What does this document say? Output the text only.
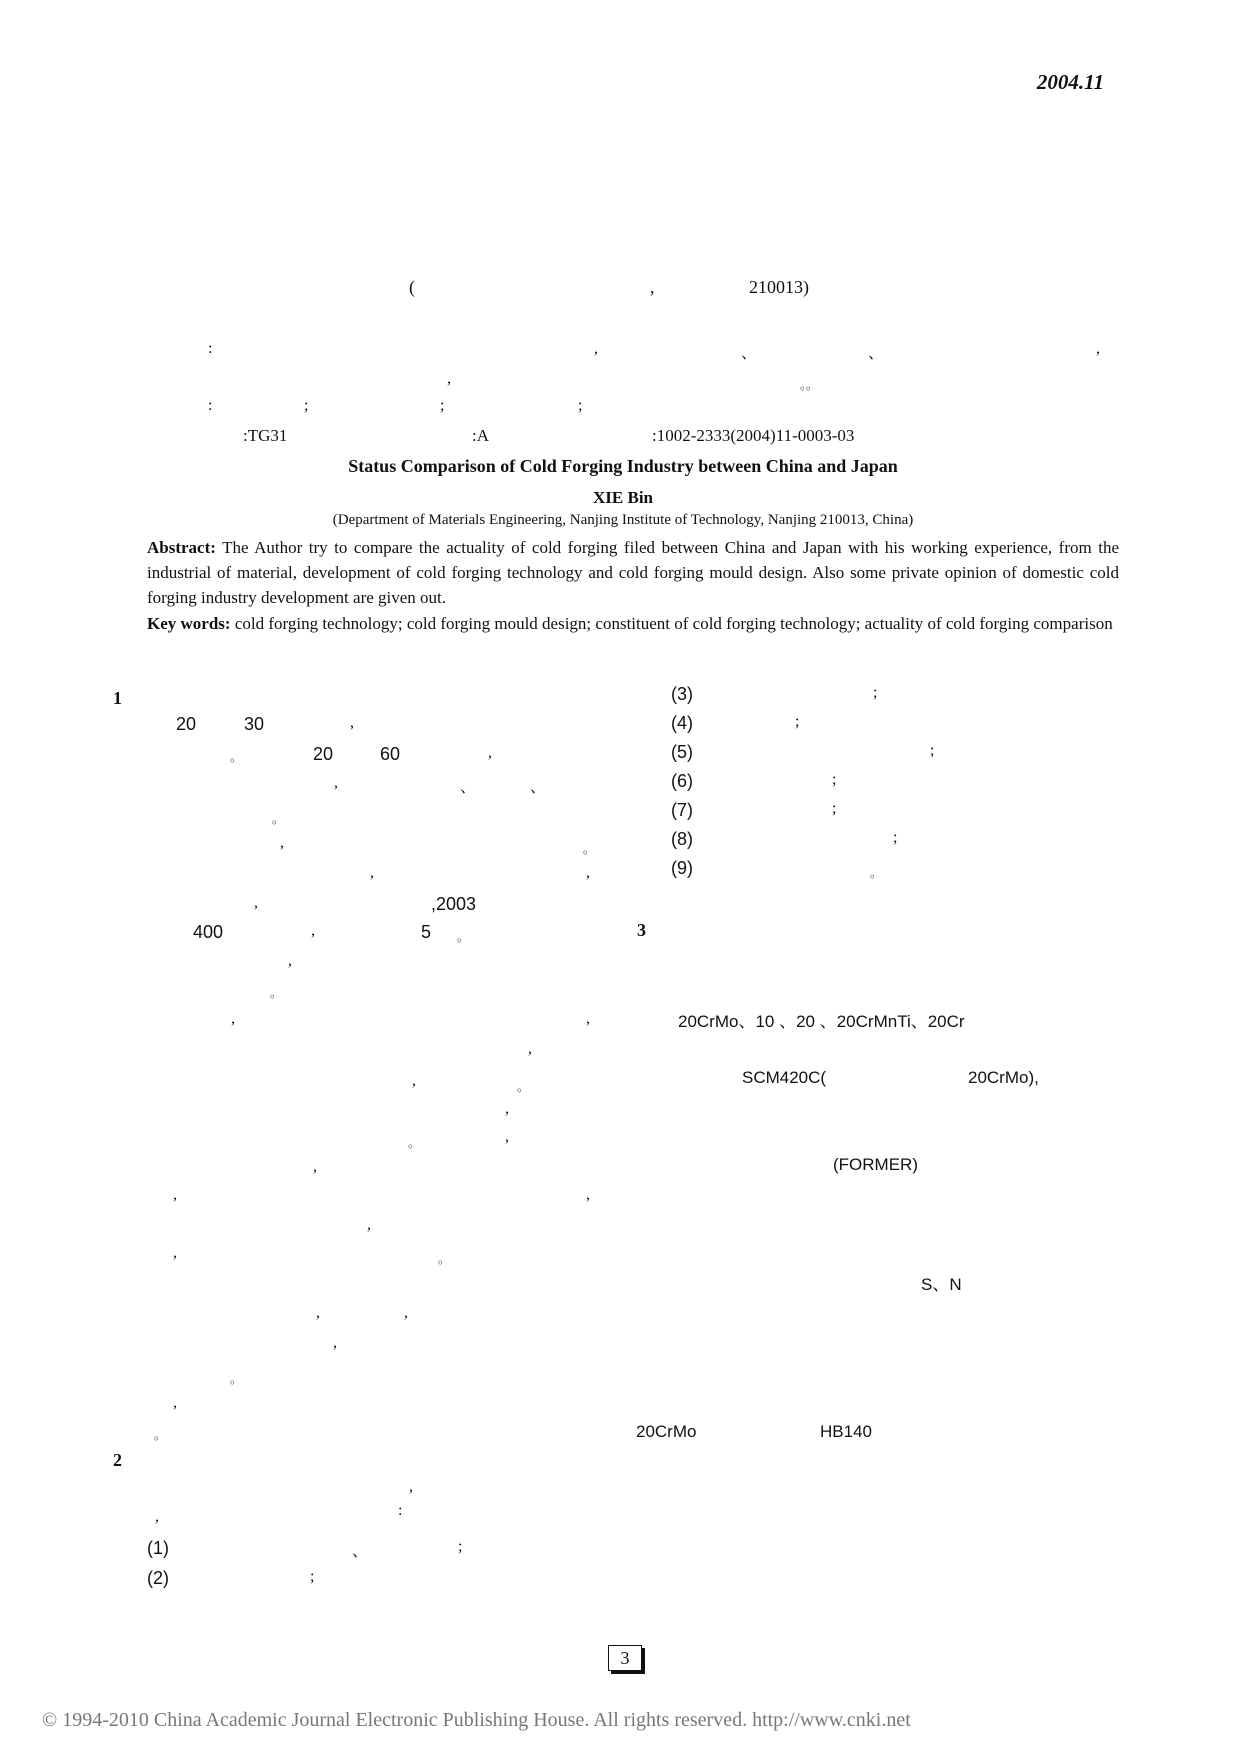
2004.11
(	,	210013)
:	,	、	、	,
,	。。
:	;	;	;
:TG31	:A	:1002-2333(2004)11-0003-03
Status Comparison of Cold Forging Industry between China and Japan
XIE Bin
(Department of Materials Engineering, Nanjing Institute of Technology, Nanjing 210013, China)
Abstract: The Author try to compare the actuality of cold forging filed between China and Japan with his working experience, from the industrial of material, development of cold forging technology and cold forging mould design. Also some private opinion of domestic cold forging industry development are given out.
Key words: cold forging technology; cold forging mould design; constituent of cold forging technology; actuality of cold forging comparison
20	30	,
。	20	60	,
,	、	、
。
,	。
,	,
,	,2003
400	,	5 。
,
。
,	,
,
,	。
,
。	,
,
,	,
,
,	。
,	,
,
。
,
。
,
,	:
1
2
(1)	、	;
(2)	;
(3)	;
(4)	;
(5)	;
(6)	;
(7)	;
(8)	;
(9)	。
3
20CrMo、10 、20 、20CrMnTi、20Cr
SCM420C(	20CrMo),
(FORMER)
S、N
20CrMo	HB140
3
© 1994-2010 China Academic Journal Electronic Publishing House. All rights reserved. http://www.cnki.net
